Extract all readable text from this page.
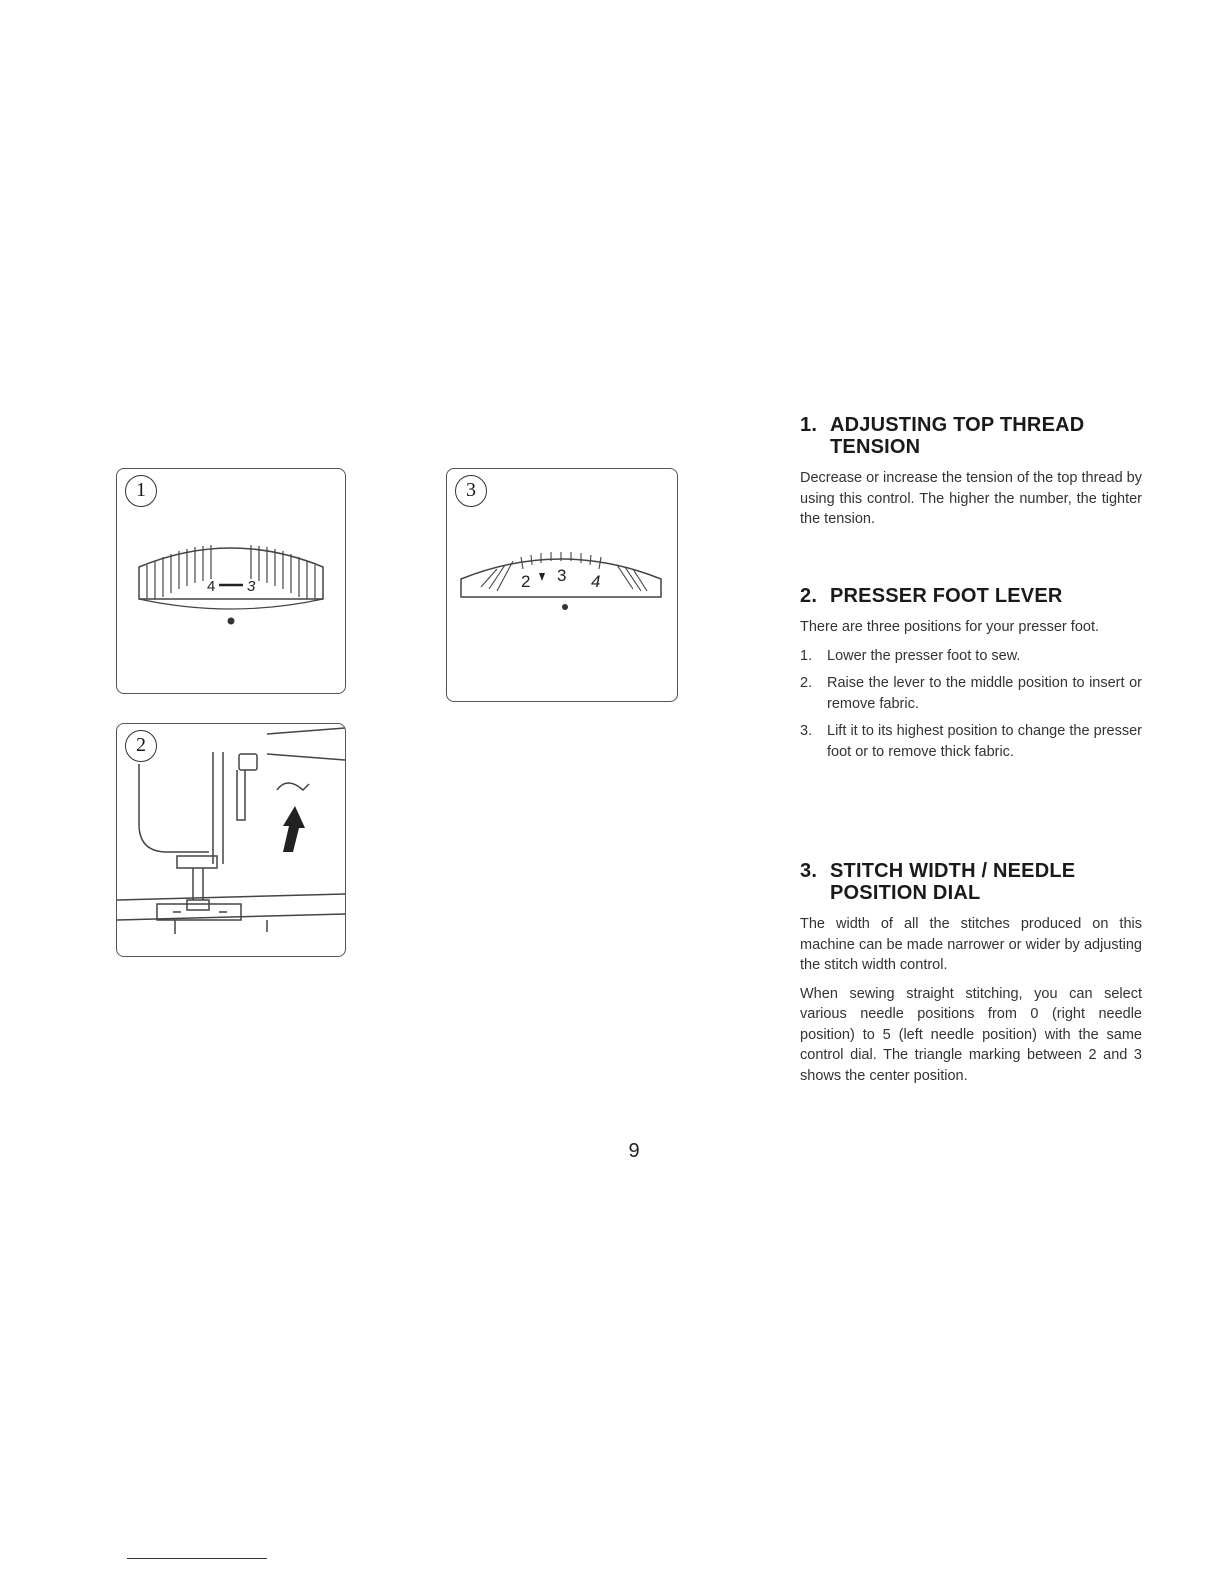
4 3
1
2
2 3 4
3
1. ADJUSTING TOP THREAD TENSION

Decrease or increase the tension of the top thread by using this control. The higher the number, the tighter the tension.

2. PRESSER FOOT LEVER

There are three positions for your presser foot.

1.	Lower the presser foot to sew.
2.	Raise the lever to the middle position to insert or remove fabric.
3.	Lift it to its highest position to change the presser foot or to remove thick fabric.
3. STITCH WIDTH / NEEDLE POSITION DIAL

The width of all the stitches produced on this machine can be made narrower or wider by adjusting the stitch width control.

When sewing straight stitching, you can select various needle positions from 0 (right needle position) to 5 (left needle position) with the same control dial. The triangle marking between 2 and 3 shows the center position.

9
